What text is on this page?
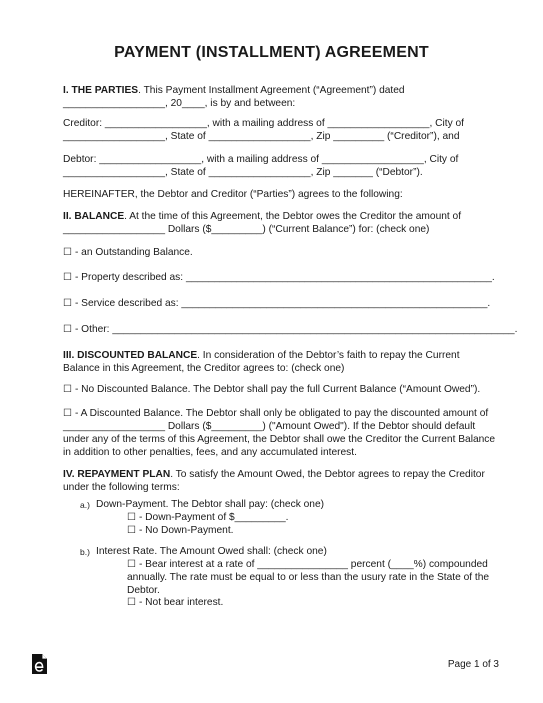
PAYMENT (INSTALLMENT) AGREEMENT
I. THE PARTIES. This Payment Installment Agreement (“Agreement”) dated
__________________, 20____, is by and between:
Creditor: __________________, with a mailing address of __________________, City of
__________________, State of __________________, Zip _________ (“Creditor”), and
Debtor: __________________, with a mailing address of __________________, City of
__________________, State of __________________, Zip _______ (“Debtor”).
HEREINAFTER, the Debtor and Creditor (“Parties”) agrees to the following:
II. BALANCE. At the time of this Agreement, the Debtor owes the Creditor the amount of
__________________ Dollars ($_________) (“Current Balance”) for: (check one)
☐ - an Outstanding Balance.
☐ - Property described as: ______________________________________________________.
☐ - Service described as: ______________________________________________________.
☐ - Other: _______________________________________________________________________.
III. DISCOUNTED BALANCE. In consideration of the Debtor’s faith to repay the Current
Balance in this Agreement, the Creditor agrees to: (check one)
☐ - No Discounted Balance. The Debtor shall pay the full Current Balance (“Amount Owed”).
☐ - A Discounted Balance. The Debtor shall only be obligated to pay the discounted amount of
__________________ Dollars ($_________) ("Amount Owed"). If the Debtor should default
under any of the terms of this Agreement, the Debtor shall owe the Creditor the Current Balance
in addition to other penalties, fees, and any accumulated interest.
IV. REPAYMENT PLAN. To satisfy the Amount Owed, the Debtor agrees to repay the Creditor
under the following terms:
a.) Down-Payment. The Debtor shall pay: (check one)
☐ - Down-Payment of $_________.
☐ - No Down-Payment.
b.) Interest Rate. The Amount Owed shall: (check one)
☐ - Bear interest at a rate of ________________ percent (____%) compounded
annually. The rate must be equal to or less than the usury rate in the State of the
Debtor.
☐ - Not bear interest.
Page 1 of 3
